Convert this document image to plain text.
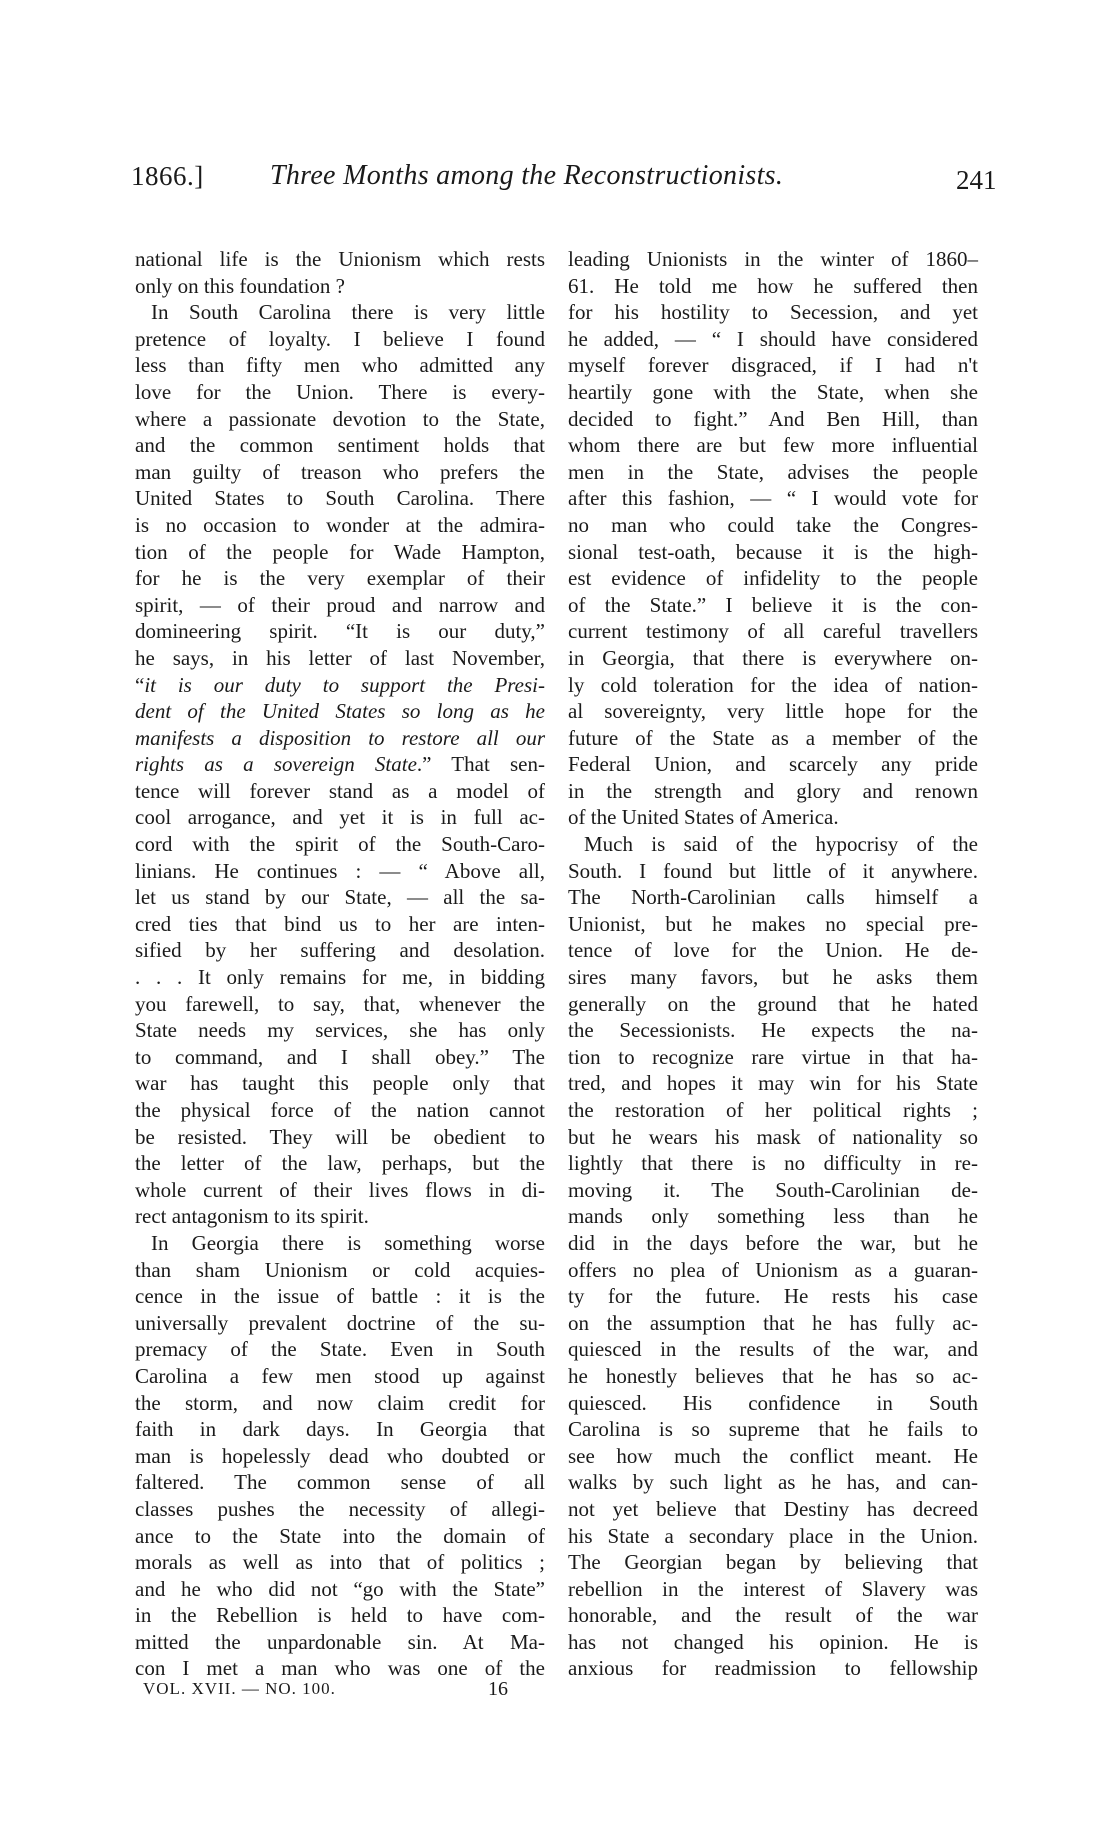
1866.] Three Months among the Reconstructionists.	241
national life is the Unionism which rests
only on this foundation ?
In South Carolina there is very little
pretence of loyalty. I believe I found
less than fifty men who admitted any
love for the Union. There is every-
where a passionate devotion to the State,
and the common sentiment holds that
man guilty of treason who prefers the
United States to South Carolina. There
is no occasion to wonder at the admira-
tion of the people for Wade Hampton,
for he is the very exemplar of their
spirit, — of their proud and narrow and
domineering spirit. “It is our duty,”
he says, in his letter of last November,
“it is our duty to support the Presi-
dent of the United States so long as he
manifests a disposition to restore all our
rights as a sovereign State.” That sen-
tence will forever stand as a model of
cool arrogance, and yet it is in full ac-
cord with the spirit of the South-Caro-
linians. He continues : — “ Above all,
let us stand by our State, — all the sa-
cred ties that bind us to her are inten-
sified by her suffering and desolation.
. . . It only remains for me, in bidding
you farewell, to say, that, whenever the
State needs my services, she has only
to command, and I shall obey.” The
war has taught this people only that
the physical force of the nation cannot
be resisted. They will be obedient to
the letter of the law, perhaps, but the
whole current of their lives flows in di-
rect antagonism to its spirit.
In Georgia there is something worse
than sham Unionism or cold acquies-
cence in the issue of battle : it is the
universally prevalent doctrine of the su-
premacy of the State. Even in South
Carolina a few men stood up against
the storm, and now claim credit for
faith in dark days. In Georgia that
man is hopelessly dead who doubted or
faltered. The common sense of all
classes pushes the necessity of allegi-
ance to the State into the domain of
morals as well as into that of politics ;
and he who did not “go with the State”
in the Rebellion is held to have com-
mitted the unpardonable sin. At Ma-
con I met a man who was one of the
leading Unionists in the winter of 1860–
61. He told me how he suffered then
for his hostility to Secession, and yet
he added, — “ I should have considered
myself forever disgraced, if I had n't
heartily gone with the State, when she
decided to fight.” And Ben Hill, than
whom there are but few more influential
men in the State, advises the people
after this fashion, — “ I would vote for
no man who could take the Congres-
sional test-oath, because it is the high-
est evidence of infidelity to the people
of the State.” I believe it is the con-
current testimony of all careful travellers
in Georgia, that there is everywhere on-
ly cold toleration for the idea of nation-
al sovereignty, very little hope for the
future of the State as a member of the
Federal Union, and scarcely any pride
in the strength and glory and renown
of the United States of America.
Much is said of the hypocrisy of the
South. I found but little of it anywhere.
The North-Carolinian calls himself a
Unionist, but he makes no special pre-
tence of love for the Union. He de-
sires many favors, but he asks them
generally on the ground that he hated
the Secessionists. He expects the na-
tion to recognize rare virtue in that ha-
tred, and hopes it may win for his State
the restoration of her political rights ;
but he wears his mask of nationality so
lightly that there is no difficulty in re-
moving it. The South-Carolinian de-
mands only something less than he
did in the days before the war, but he
offers no plea of Unionism as a guaran-
ty for the future. He rests his case
on the assumption that he has fully ac-
quiesced in the results of the war, and
he honestly believes that he has so ac-
quiesced. His confidence in South
Carolina is so supreme that he fails to
see how much the conflict meant. He
walks by such light as he has, and can-
not yet believe that Destiny has decreed
his State a secondary place in the Union.
The Georgian began by believing that
rebellion in the interest of Slavery was
honorable, and the result of the war
has not changed his opinion. He is
anxious for readmission to fellowship
VOL. XVII. — NO. 100.	16
